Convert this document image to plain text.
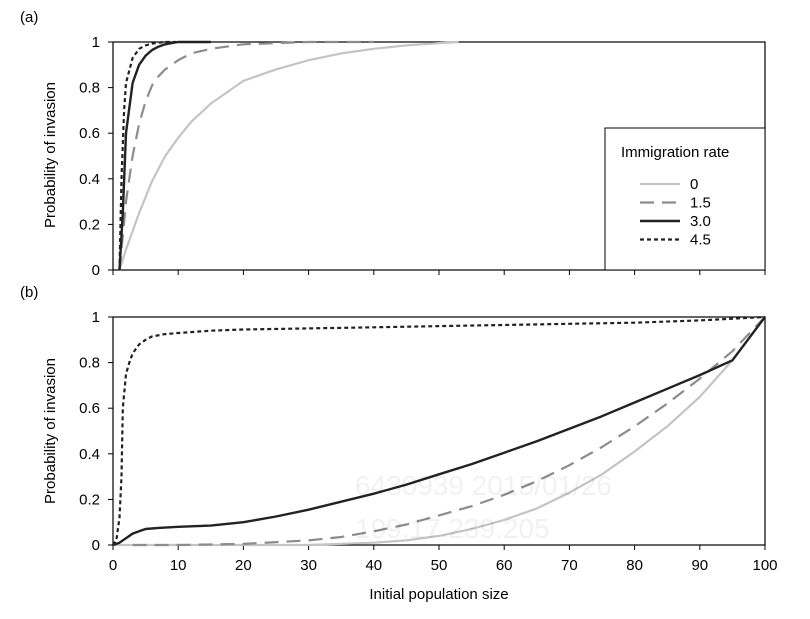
(a)
Probability of invasion
0
0.2
0.4
0.6
0.8
1
Immigration rate
0
1.5
3.0
4.5
(b)
Probability of invasion
0
0.2
0.4
0.6
0.8
1
0	10	20	30	40	50	60	70	80	90	100
Initial population size
6430939 2015/01/26
199.17.239.205
